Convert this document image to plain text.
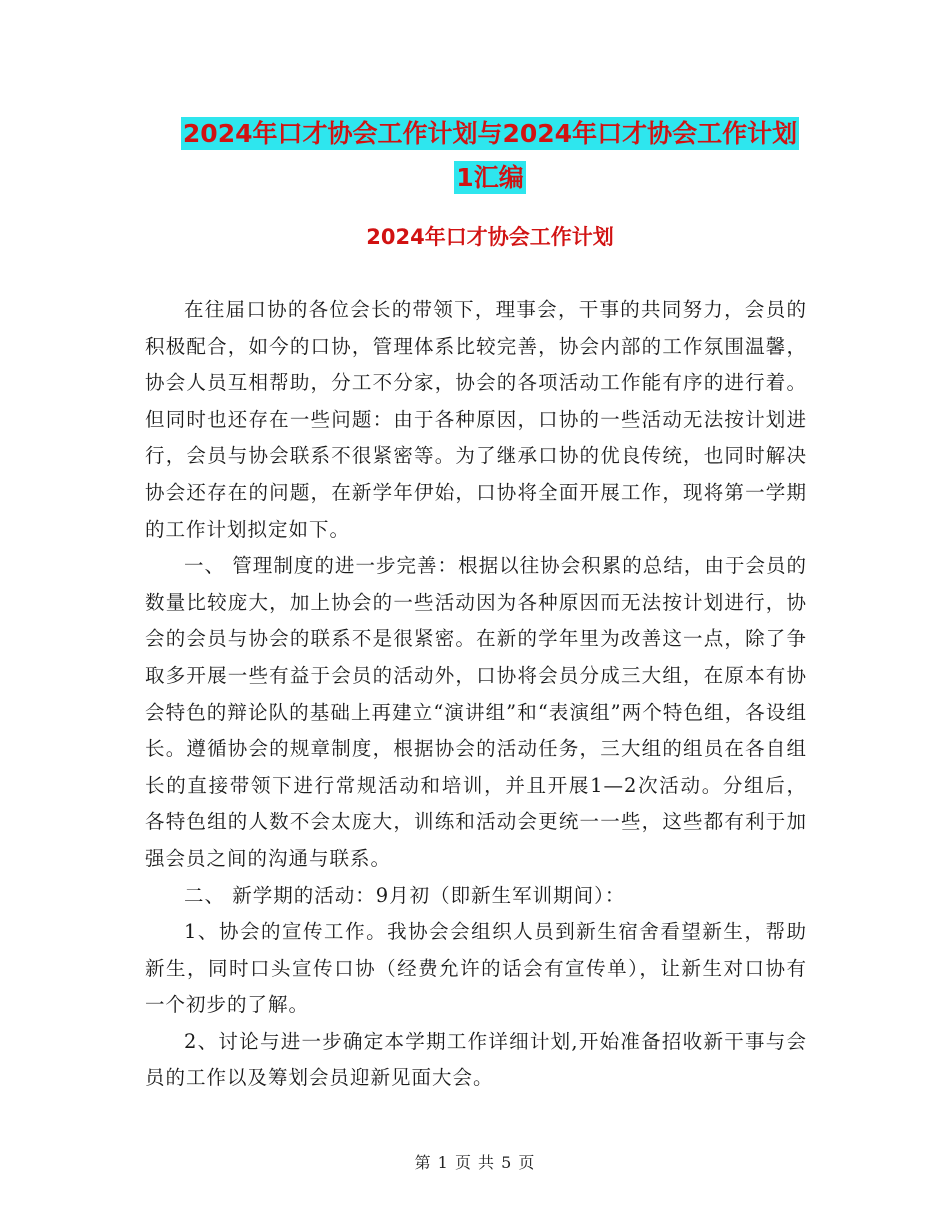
2024年口才协会工作计划与2024年口才协会工作计划
1汇编
2024年口才协会工作计划

在往届口协的各位会长的带领下，理事会，干事的共同努力，会员的积极配合，如今的口协，管理体系比较完善，协会内部的工作氛围温馨，协会人员互相帮助，分工不分家，协会的各项活动工作能有序的进行着。但同时也还存在一些问题：由于各种原因，口协的一些活动无法按计划进行，会员与协会联系不很紧密等。为了继承口协的优良传统，也同时解决协会还存在的问题，在新学年伊始，口协将全面开展工作，现将第一学期的工作计划拟定如下。

一、 管理制度的进一步完善：根据以往协会积累的总结，由于会员的数量比较庞大，加上协会的一些活动因为各种原因而无法按计划进行，协会的会员与协会的联系不是很紧密。在新的学年里为改善这一点，除了争取多开展一些有益于会员的活动外，口协将会员分成三大组，在原本有协会特色的辩论队的基础上再建立“演讲组”和“表演组”两个特色组，各设组长。遵循协会的规章制度，根据协会的活动任务，三大组的组员在各自组长的直接带领下进行常规活动和培训，并且开展1—2次活动。分组后，各特色组的人数不会太庞大，训练和活动会更统一一些，这些都有利于加强会员之间的沟通与联系。

二、 新学期的活动：9月初（即新生军训期间）：

1、协会的宣传工作。我协会会组织人员到新生宿舍看望新生，帮助新生，同时口头宣传口协（经费允许的话会有宣传单），让新生对口协有一个初步的了解。

2、讨论与进一步确定本学期工作详细计划,开始准备招收新干事与会员的工作以及筹划会员迎新见面大会。

第 1 页 共 5 页
